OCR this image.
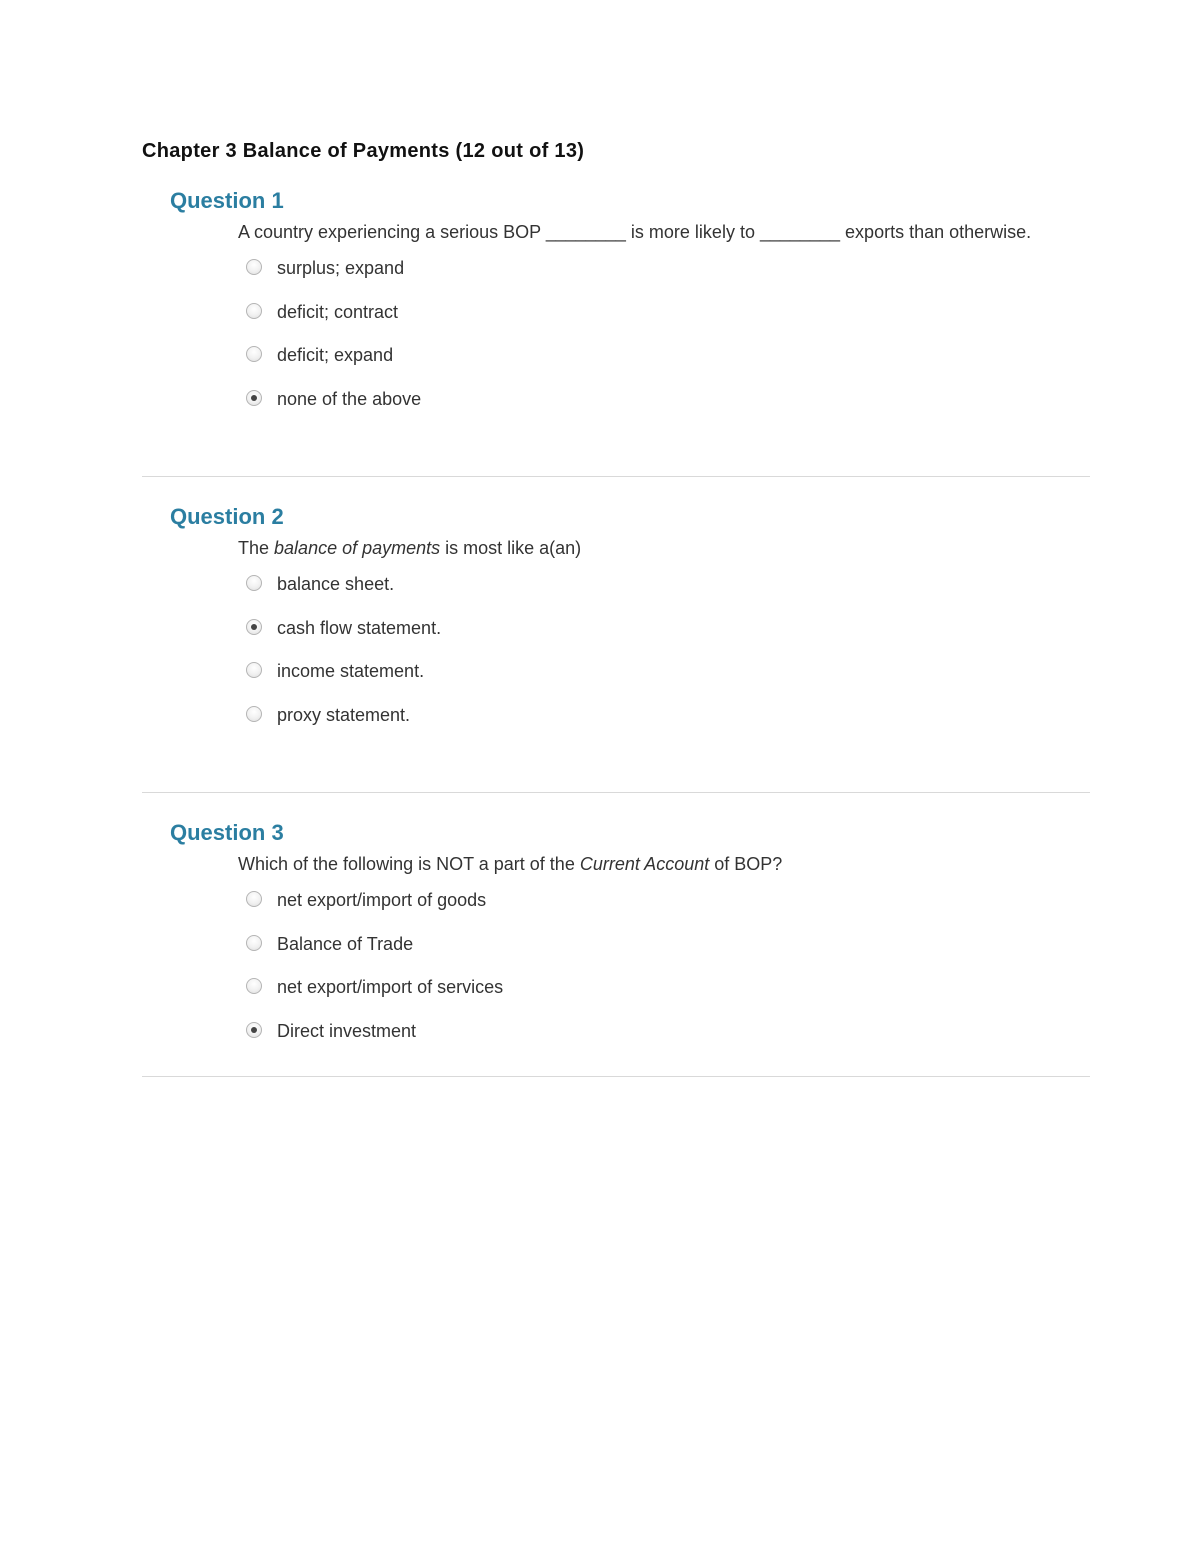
Chapter 3 Balance of Payments (12 out of 13)
Question 1
A country experiencing a serious BOP ________ is more likely to ________ exports than otherwise.
surplus; expand
deficit; contract
deficit; expand
none of the above
Question 2
The balance of payments is most like a(an)
balance sheet.
cash flow statement.
income statement.
proxy statement.
Question 3
Which of the following is NOT a part of the Current Account of BOP?
net export/import of goods
Balance of Trade
net export/import of services
Direct investment
